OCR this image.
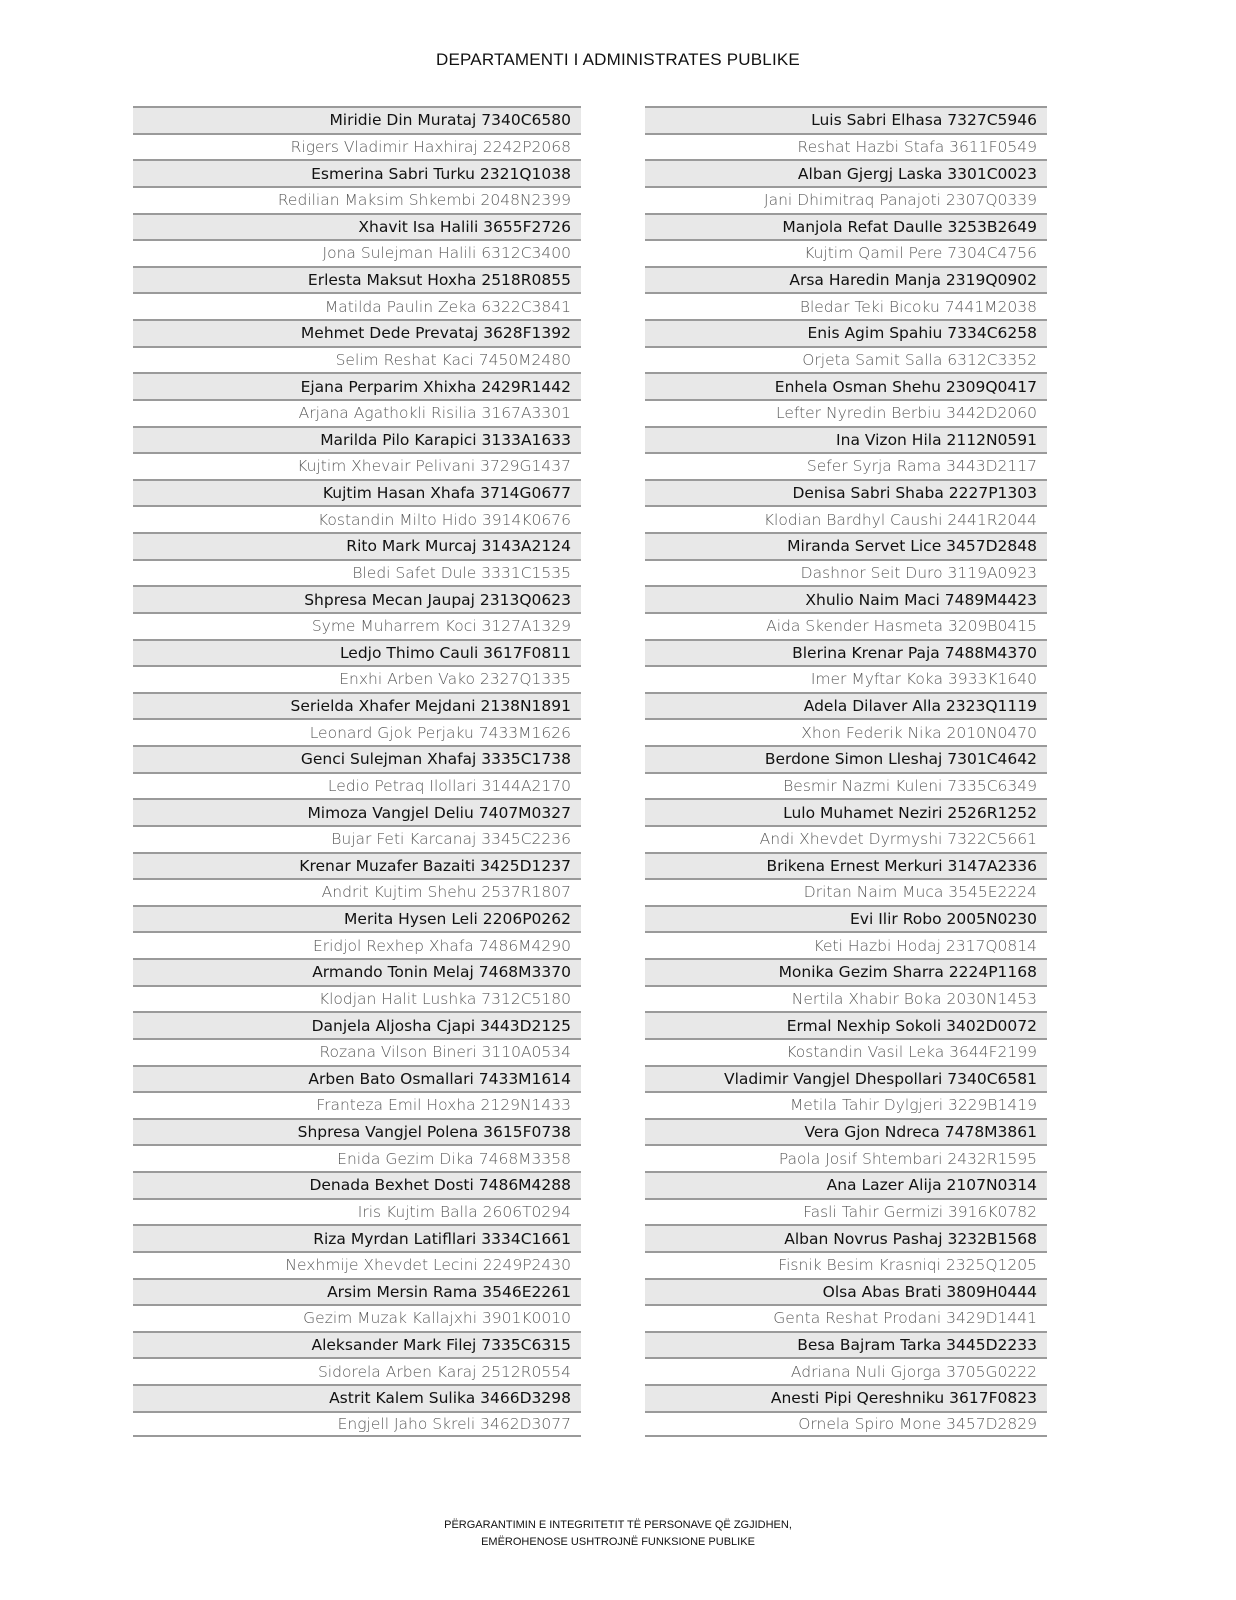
DEPARTAMENTI I ADMINISTRATES PUBLIKE
Miridie Din Murataj 7340C6580
Rigers Vladimir Haxhiraj 2242P2068
Esmerina Sabri Turku 2321Q1038
Redilian Maksim Shkembi 2048N2399
Xhavit Isa Halili 3655F2726
Jona Sulejman Halili 6312C3400
Erlesta Maksut Hoxha 2518R0855
Matilda Paulin Zeka 6322C3841
Mehmet Dede Prevataj 3628F1392
Selim Reshat Kaci 7450M2480
Ejana Perparim Xhixha 2429R1442
Arjana Agathokli Risilia 3167A3301
Marilda Pilo Karapici 3133A1633
Kujtim Xhevair Pelivani 3729G1437
Kujtim Hasan Xhafa 3714G0677
Kostandin Milto Hido 3914K0676
Rito Mark Murcaj 3143A2124
Bledi Safet Dule 3331C1535
Shpresa Mecan Jaupaj 2313Q0623
Syme Muharrem Koci 3127A1329
Ledjo Thimo Cauli 3617F0811
Enxhi Arben Vako 2327Q1335
Serielda Xhafer Mejdani 2138N1891
Leonard Gjok Perjaku 7433M1626
Genci Sulejman Xhafaj 3335C1738
Ledio Petraq Ilollari 3144A2170
Mimoza Vangjel Deliu 7407M0327
Bujar Feti Karcanaj 3345C2236
Krenar Muzafer Bazaiti 3425D1237
Andrit Kujtim Shehu 2537R1807
Merita Hysen Leli 2206P0262
Eridjol Rexhep Xhafa 7486M4290
Armando Tonin Melaj 7468M3370
Klodjan Halit Lushka 7312C5180
Danjela Aljosha Cjapi 3443D2125
Rozana Vilson Bineri 3110A0534
Arben Bato Osmallari 7433M1614
Franteza Emil Hoxha 2129N1433
Shpresa Vangjel Polena 3615F0738
Enida Gezim Dika 7468M3358
Denada Bexhet Dosti 7486M4288
Iris Kujtim Balla 2606T0294
Riza Myrdan Latifllari 3334C1661
Nexhmije Xhevdet Lecini 2249P2430
Arsim Mersin Rama 3546E2261
Gezim Muzak Kallajxhi 3901K0010
Aleksander Mark Filej 7335C6315
Sidorela Arben Karaj 2512R0554
Astrit Kalem Sulika 3466D3298
Engjell Jaho Skreli 3462D3077
Luis Sabri Elhasa 7327C5946
Reshat Hazbi Stafa 3611F0549
Alban Gjergj Laska 3301C0023
Jani Dhimitraq Panajoti 2307Q0339
Manjola Refat Daulle 3253B2649
Kujtim Qamil Pere 7304C4756
Arsa Haredin Manja 2319Q0902
Bledar Teki Bicoku 7441M2038
Enis Agim Spahiu 7334C6258
Orjeta Samit Salla 6312C3352
Enhela Osman Shehu 2309Q0417
Lefter Nyredin Berbiu 3442D2060
Ina Vizon Hila 2112N0591
Sefer Syrja Rama 3443D2117
Denisa Sabri Shaba 2227P1303
Klodian Bardhyl Caushi 2441R2044
Miranda Servet Lice 3457D2848
Dashnor Seit Duro 3119A0923
Xhulio Naim Maci 7489M4423
Aida Skender Hasmeta 3209B0415
Blerina Krenar Paja 7488M4370
Imer Myftar Koka 3933K1640
Adela Dilaver Alla 2323Q1119
Xhon Federik Nika 2010N0470
Berdone Simon Lleshaj 7301C4642
Besmir Nazmi Kuleni 7335C6349
Lulo Muhamet Neziri 2526R1252
Andi Xhevdet Dyrmyshi 7322C5661
Brikena Ernest Merkuri 3147A2336
Dritan Naim Muca 3545E2224
Evi Ilir Robo 2005N0230
Keti Hazbi Hodaj 2317Q0814
Monika Gezim Sharra 2224P1168
Nertila Xhabir Boka 2030N1453
Ermal Nexhip Sokoli 3402D0072
Kostandin Vasil Leka 3644F2199
Vladimir Vangjel Dhespollari 7340C6581
Metila Tahir Dylgjeri 3229B1419
Vera Gjon Ndreca 7478M3861
Paola Josif Shtembari 2432R1595
Ana Lazer Alija 2107N0314
Fasli Tahir Germizi 3916K0782
Alban Novrus Pashaj 3232B1568
Fisnik Besim Krasniqi 2325Q1205
Olsa Abas Brati 3809H0444
Genta Reshat Prodani 3429D1441
Besa Bajram Tarka 3445D2233
Adriana Nuli Gjorga 3705G0222
Anesti Pipi Qereshniku 3617F0823
Ornela Spiro Mone 3457D2829
PËRGARANTIMIN E INTEGRITETIT TË PERSONAVE QË ZGJIDHEN,
EMËROHENOSE USHTROJNË FUNKSIONE PUBLIKE
